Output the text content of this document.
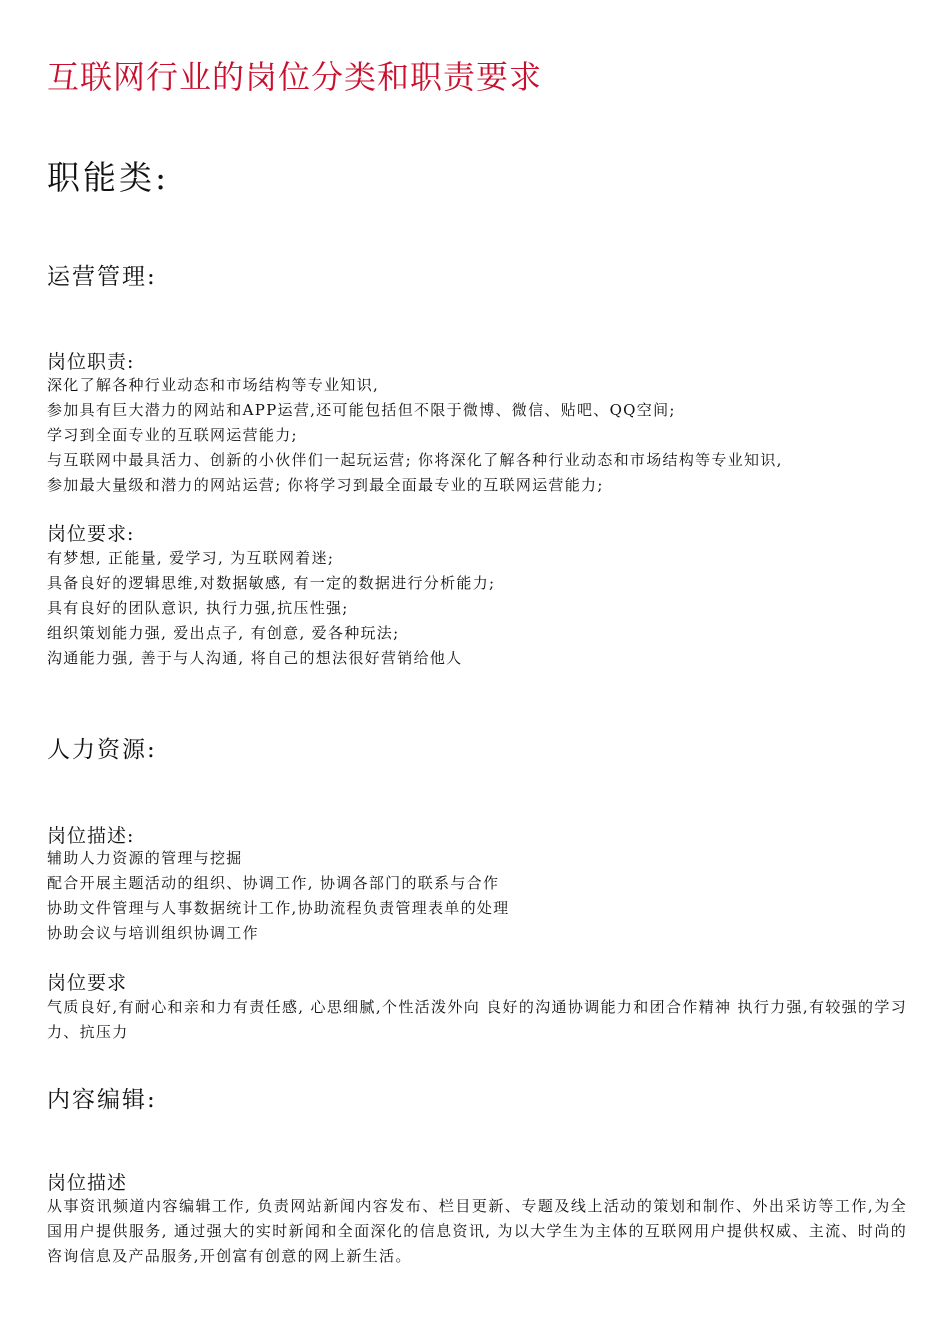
互联网行业的岗位分类和职责要求
职能类:
运营管理:
岗位职责:
深化了解各种行业动态和市场结构等专业知识,
参加具有巨大潜力的网站和APP运营,还可能包括但不限于微博、微信、贴吧、QQ空间;
学习到全面专业的互联网运营能力;
与互联网中最具活力、创新的小伙伴们一起玩运营; 你将深化了解各种行业动态和市场结构等专业知识,
参加最大量级和潜力的网站运营; 你将学习到最全面最专业的互联网运营能力;
岗位要求:
有梦想, 正能量, 爱学习, 为互联网着迷;
具备良好的逻辑思维,对数据敏感, 有一定的数据进行分析能力;
具有良好的团队意识, 执行力强,抗压性强;
组织策划能力强, 爱出点子, 有创意, 爱各种玩法;
沟通能力强, 善于与人沟通, 将自己的想法很好营销给他人
人力资源:
岗位描述:
辅助人力资源的管理与挖掘
配合开展主题活动的组织、协调工作, 协调各部门的联系与合作
协助文件管理与人事数据统计工作,协助流程负责管理表单的处理
协助会议与培训组织协调工作
岗位要求
气质良好,有耐心和亲和力有责任感, 心思细腻,个性活泼外向 良好的沟通协调能力和团合作精神 执行力强,有较强的学习力、抗压力
内容编辑:
岗位描述
从事资讯频道内容编辑工作, 负责网站新闻内容发布、栏目更新、专题及线上活动的策划和制作、外出采访等工作,为全国用户提供服务, 通过强大的实时新闻和全面深化的信息资讯, 为以大学生为主体的互联网用户提供权威、主流、时尚的咨询信息及产品服务,开创富有创意的网上新生活。
